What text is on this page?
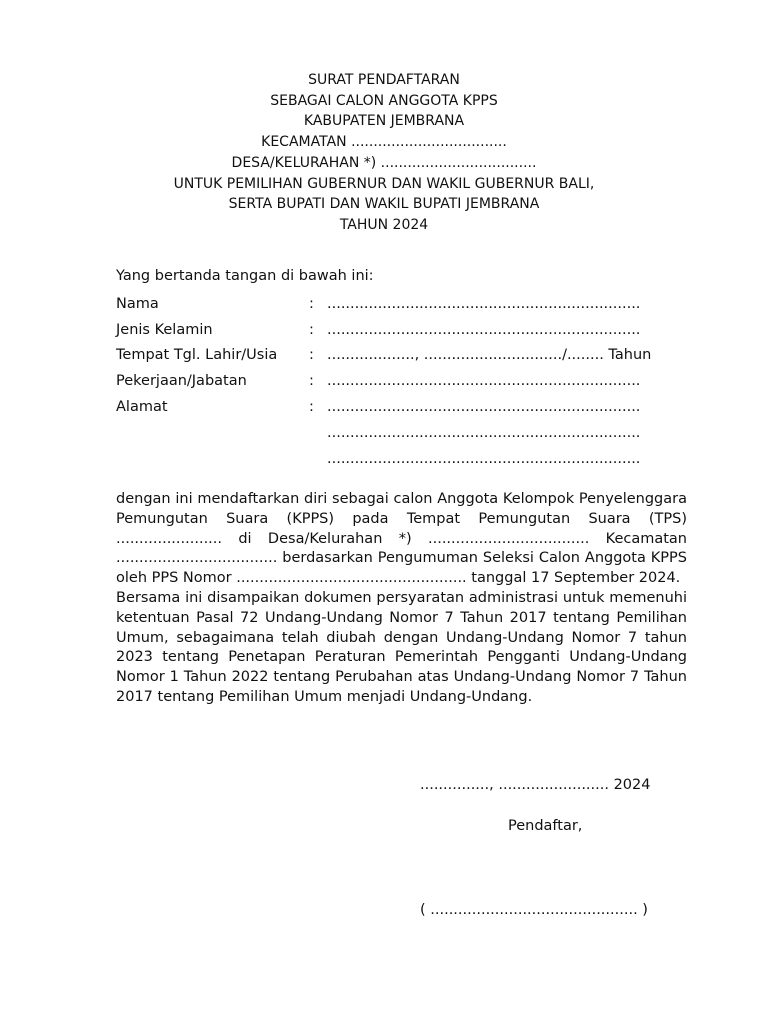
SURAT PENDAFTARAN
SEBAGAI CALON ANGGOTA KPPS
KABUPATEN JEMBRANA
KECAMATAN ...................................
DESA/KELURAHAN *) ...................................
UNTUK PEMILIHAN GUBERNUR DAN WAKIL GUBERNUR BALI,
SERTA BUPATI DAN WAKIL BUPATI JEMBRANA
TAHUN 2024
Yang bertanda tangan di bawah ini:
Nama	: ....................................................................
Jenis Kelamin	: ....................................................................
Tempat Tgl. Lahir/Usia	: ..................., ............................../........ Tahun
Pekerjaan/Jabatan	: ....................................................................
Alamat	: ....................................................................
....................................................................
....................................................................

dengan ini mendaftarkan diri sebagai calon Anggota Kelompok Penyelenggara Pemungutan Suara (KPPS) pada Tempat Pemungutan Suara (TPS) ....................... di Desa/Kelurahan *) ................................... Kecamatan ................................... berdasarkan Pengumuman Seleksi Calon Anggota KPPS oleh PPS Nomor .................................................. tanggal 17 September 2024.

Bersama ini disampaikan dokumen persyaratan administrasi untuk memenuhi ketentuan Pasal 72 Undang-Undang Nomor 7 Tahun 2017 tentang Pemilihan Umum, sebagaimana telah diubah dengan Undang-Undang Nomor 7 tahun 2023 tentang Penetapan Peraturan Pemerintah Pengganti Undang-Undang Nomor 1 Tahun 2022 tentang Perubahan atas Undang-Undang Nomor 7 Tahun 2017 tentang Pemilihan Umum menjadi Undang-Undang.

..............., ........................ 2024
Pendaftar,
( ............................................. )
